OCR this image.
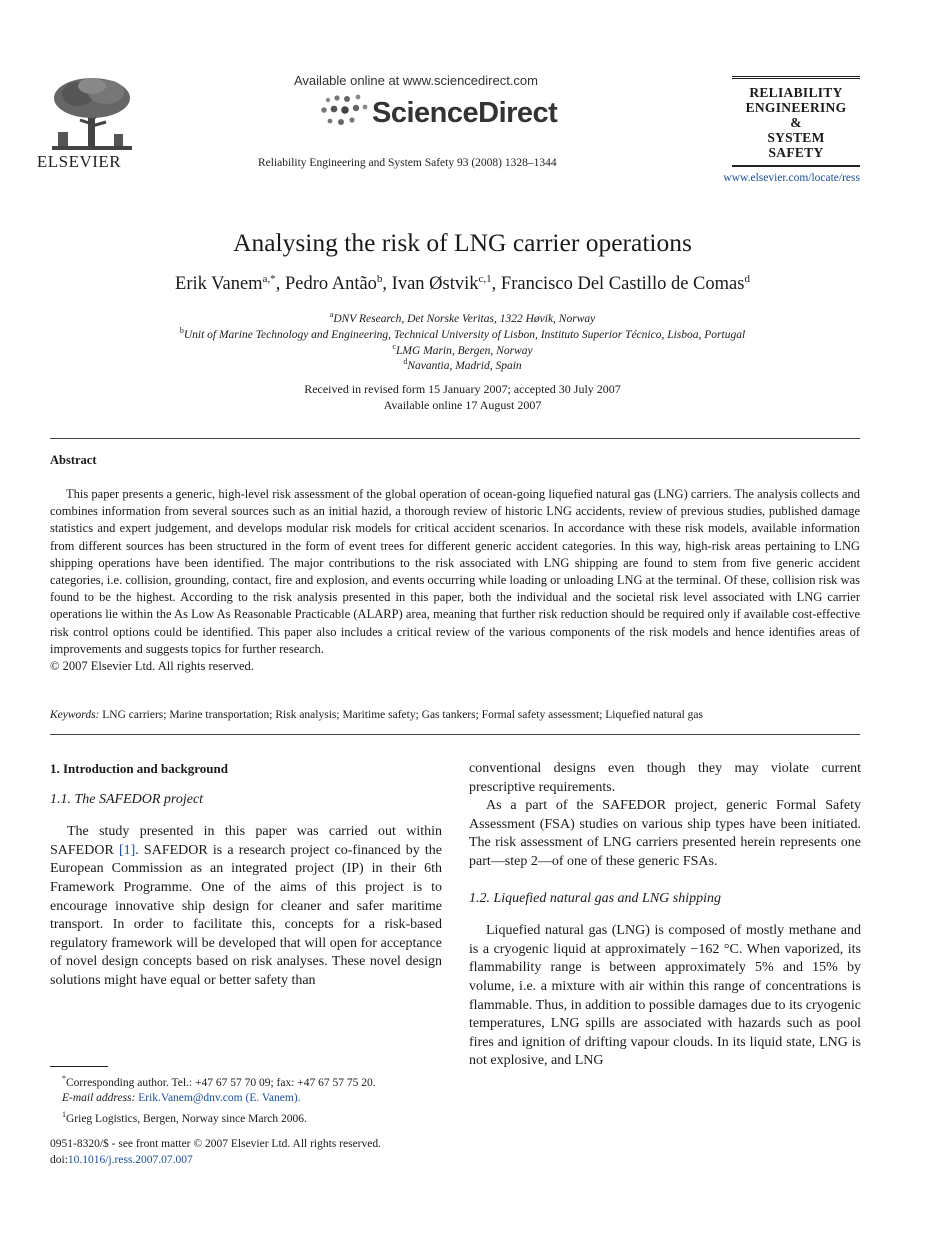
ELSEVIER
Available online at www.sciencedirect.com
ScienceDirect
Reliability Engineering and System Safety 93 (2008) 1328–1344
RELIABILITY
ENGINEERING
&
SYSTEM
SAFETY
www.elsevier.com/locate/ress
Analysing the risk of LNG carrier operations
Erik Vanem$^{a,*}$, Pedro Antão$^b$, Ivan Østvik$^{c,1}$, Francisco Del Castillo de Comas$^d$
$^a$DNV Research, Det Norske Veritas, 1322 Høvik, Norway
$^b$Unit of Marine Technology and Engineering, Technical University of Lisbon, Instituto Superior Técnico, Lisboa, Portugal
$^c$LMG Marin, Bergen, Norway
$^d$Navantia, Madrid, Spain
Received in revised form 15 January 2007; accepted 30 July 2007
Available online 17 August 2007
Abstract
This paper presents a generic, high-level risk assessment of the global operation of ocean-going liquefied natural gas (LNG) carriers. The analysis collects and combines information from several sources such as an initial hazid, a thorough review of historic LNG accidents, review of previous studies, published damage statistics and expert judgement, and develops modular risk models for critical accident scenarios. In accordance with these risk models, available information from different sources has been structured in the form of event trees for different generic accident categories. In this way, high-risk areas pertaining to LNG shipping operations have been identified. The major contributions to the risk associated with LNG shipping are found to stem from five generic accident categories, i.e. collision, grounding, contact, fire and explosion, and events occurring while loading or unloading LNG at the terminal. Of these, collision risk was found to be the highest. According to the risk analysis presented in this paper, both the individual and the societal risk level associated with LNG carrier operations lie within the As Low As Reasonable Practicable (ALARP) area, meaning that further risk reduction should be required only if available cost-effective risk control options could be identified. This paper also includes a critical review of the various components of the risk models and hence identifies areas of improvements and suggests topics for further research.
© 2007 Elsevier Ltd. All rights reserved.
Keywords: LNG carriers; Marine transportation; Risk analysis; Maritime safety; Gas tankers; Formal safety assessment; Liquefied natural gas
1. Introduction and background
1.1. The SAFEDOR project

The study presented in this paper was carried out within SAFEDOR [1]. SAFEDOR is a research project co-financed by the European Commission as an integrated project (IP) in their 6th Framework Programme. One of the aims of this project is to encourage innovative ship design for cleaner and safer maritime transport. In order to facilitate this, concepts for a risk-based regulatory framework will be developed that will open for acceptance of novel design concepts based on risk analyses. These novel design solutions might have equal or better safety than

*Corresponding author. Tel.: +47 67 57 70 09; fax: +47 67 57 75 20.
E-mail address: Erik.Vanem@dnv.com (E. Vanem).
$^1$Grieg Logistics, Bergen, Norway since March 2006.
0951-8320/$ - see front matter © 2007 Elsevier Ltd. All rights reserved.
doi:10.1016/j.ress.2007.07.007

conventional designs even though they may violate current prescriptive requirements.

As a part of the SAFEDOR project, generic Formal Safety Assessment (FSA) studies on various ship types have been initiated. The risk assessment of LNG carriers presented herein represents one part—step 2—of one of these generic FSAs.

1.2. Liquefied natural gas and LNG shipping

Liquefied natural gas (LNG) is composed of mostly methane and is a cryogenic liquid at approximately −162 °C. When vaporized, its flammability range is between approximately 5% and 15% by volume, i.e. a mixture with air within this range of concentrations is flammable. Thus, in addition to possible damages due to its cryogenic temperatures, LNG spills are associated with hazards such as pool fires and ignition of drifting vapour clouds. In its liquid state, LNG is not explosive, and LNG
